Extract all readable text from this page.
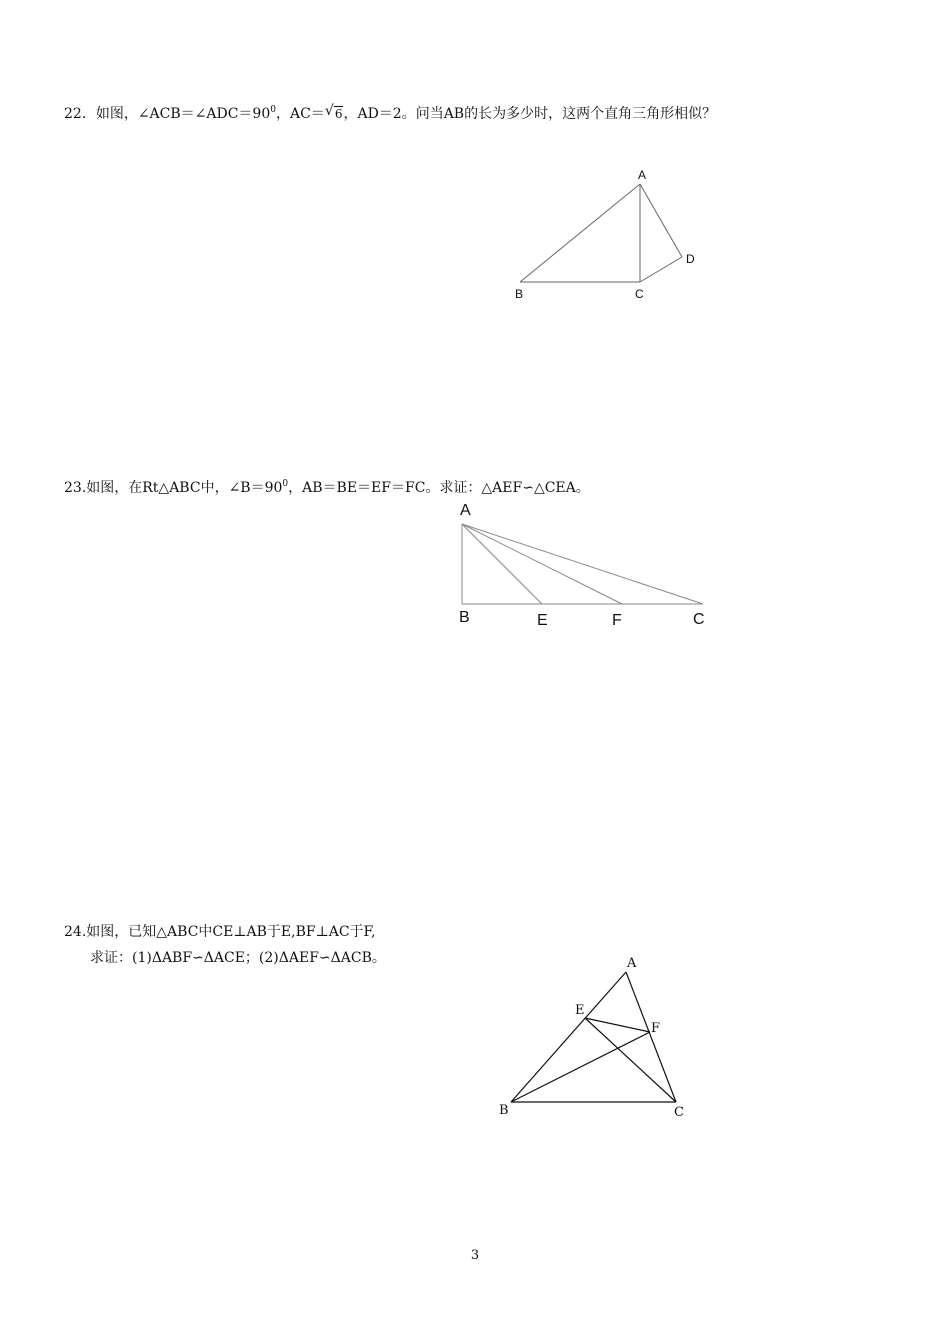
22．如图，$\angle ACB=\angle ADC=90^0$，AC＝ √ 6，AD＝2。问当AB的长为多少时，这两个直角三角形相似？
A
B	C
D
23.如图，在Rt△ABC中，$\angle B=90^0$，AB＝BE＝EF＝FC。求证：△AEF∽△CEA。
A
B	E	F	C
24.如图，已知△ABC中CE⊥AB于E,BF⊥AC于F,
求证：(1)ΔABF∽ΔACE；(2)ΔAEF∽ΔACB。	A
E
F
B	C
3
